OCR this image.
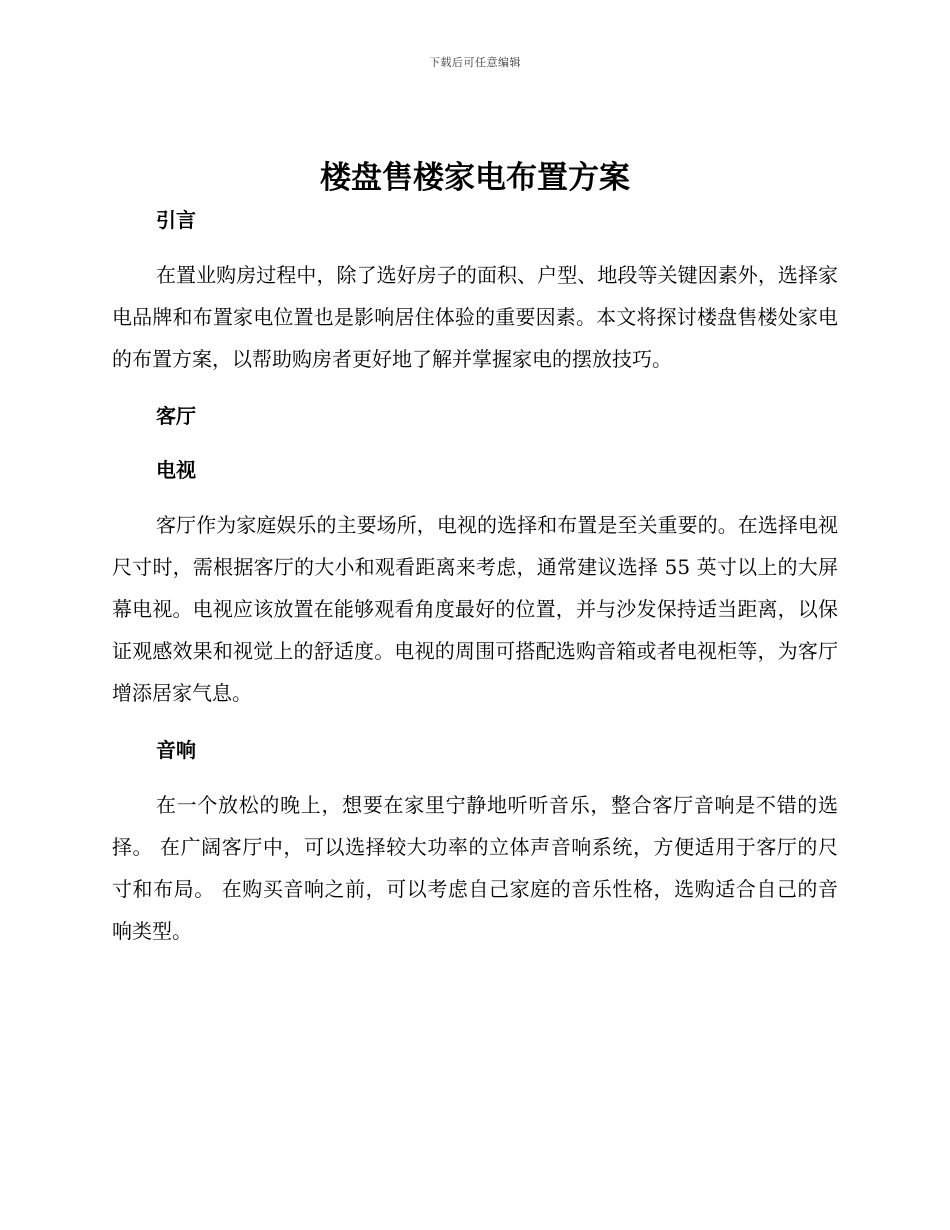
下载后可任意编辑
楼盘售楼家电布置方案
引言

在置业购房过程中，除了选好房子的面积、户型、地段等关键因素外，选择家电品牌和布置家电位置也是影响居住体验的重要因素。本文将探讨楼盘售楼处家电的布置方案，以帮助购房者更好地了解并掌握家电的摆放技巧。

客厅
电视

客厅作为家庭娱乐的主要场所，电视的选择和布置是至关重要的。在选择电视尺寸时，需根据客厅的大小和观看距离来考虑，通常建议选择 55 英寸以上的大屏幕电视。电视应该放置在能够观看角度最好的位置，并与沙发保持适当距离，以保证观感效果和视觉上的舒适度。电视的周围可搭配选购音箱或者电视柜等，为客厅增添居家气息。

音响

在一个放松的晚上，想要在家里宁静地听听音乐，整合客厅音响是不错的选择。 在广阔客厅中，可以选择较大功率的立体声音响系统，方便适用于客厅的尺寸和布局。 在购买音响之前，可以考虑自己家庭的音乐性格，选购适合自己的音响类型。
